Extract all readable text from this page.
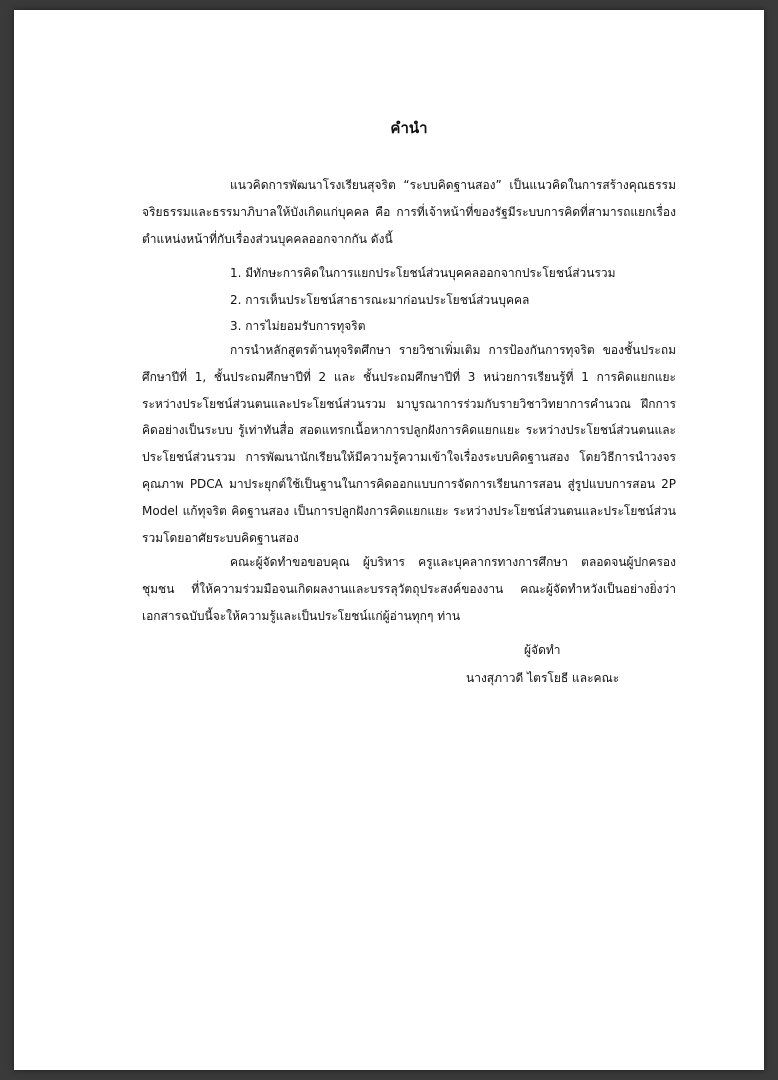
คำนำ
แนวคิดการพัฒนาโรงเรียนสุจริต “ระบบคิดฐานสอง” เป็นแนวคิดในการสร้างคุณธรรมจริยธรรมและธรรมาภิบาลให้บังเกิดแก่บุคคล คือ การที่เจ้าหน้าที่ของรัฐมีระบบการคิดที่สามารถแยกเรื่องตำแหน่งหน้าที่กับเรื่องส่วนบุคคลออกจากกัน ดังนี้
1. มีทักษะการคิดในการแยกประโยชน์ส่วนบุคคลออกจากประโยชน์ส่วนรวม
2. การเห็นประโยชน์สาธารณะมาก่อนประโยชน์ส่วนบุคคล
3. การไม่ยอมรับการทุจริต
การนำหลักสูตรต้านทุจริตศึกษา รายวิชาเพิ่มเติม การป้องกันการทุจริต ของชั้นประถมศึกษาปีที่ 1, ชั้นประถมศึกษาปีที่ 2 และ ชั้นประถมศึกษาปีที่ 3 หน่วยการเรียนรู้ที่ 1 การคิดแยกแยะระหว่างประโยชน์ส่วนตนและประโยชน์ส่วนรวม มาบูรณาการร่วมกับรายวิชาวิทยาการคำนวณ ฝึกการคิดอย่างเป็นระบบ รู้เท่าทันสื่อ สอดแทรกเนื้อหาการปลูกฝังการคิดแยกแยะ ระหว่างประโยชน์ส่วนตนและประโยชน์ส่วนรวม การพัฒนานักเรียนให้มีความรู้ความเข้าใจเรื่องระบบคิดฐานสอง โดยวิธีการนำวงจรคุณภาพ PDCA มาประยุกต์ใช้เป็นฐานในการคิดออกแบบการจัดการเรียนการสอน สู่รูปแบบการสอน 2P Model แก้ทุจริต คิดฐานสอง เป็นการปลูกฝังการคิดแยกแยะ ระหว่างประโยชน์ส่วนตนและประโยชน์ส่วนรวมโดยอาศัยระบบคิดฐานสอง
คณะผู้จัดทำขอขอบคุณ ผู้บริหาร ครูและบุคลากรทางการศึกษา ตลอดจนผู้ปกครองชุมชน ที่ให้ความร่วมมือจนเกิดผลงานและบรรลุวัตถุประสงค์ของงาน คณะผู้จัดทำหวังเป็นอย่างยิ่งว่าเอกสารฉบับนี้จะให้ความรู้และเป็นประโยชน์แก่ผู้อ่านทุกๆ ท่าน
ผู้จัดทำ
นางสุภาวดี ไตรโยธี และคณะ
